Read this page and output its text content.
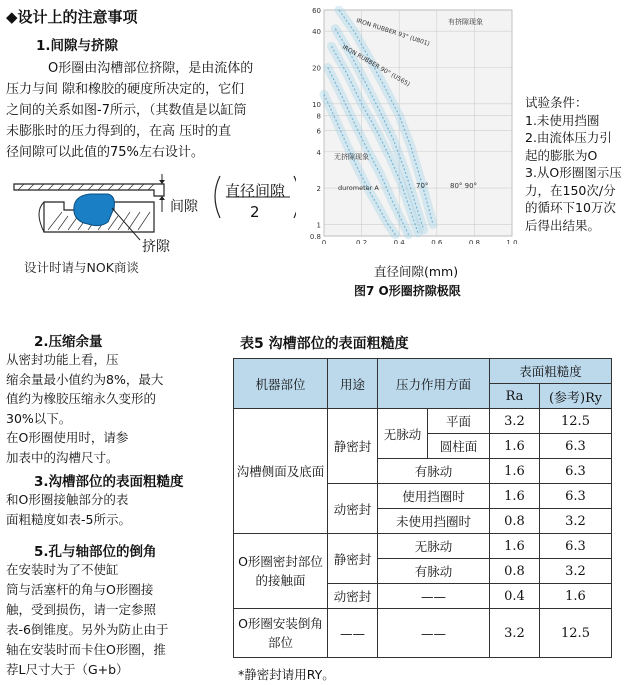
◆设计上的注意事项
1.间隙与挤隙
O形圈由沟槽部位挤隙，是由流体的
压力与间 隙和橡胶的硬度所决定的，它们
之间的关系如图-7所示，（其数值是以缸筒
未膨胀时的压力得到的，在高 压时的直
径间隙可以此值的75%左右设计。
间隙
直径间隙
2
挤隙
设计时请与NOK商谈
60
40
20
10
8
6
4
2
1
0.8
0	0.2	0.4	0.6	0.8	1.0
有挤隙现象
无挤隙现象
durometer A	70°	80° 90°
IRON RUBBER 93° (U801)
IRON RUBBER 90° (U565)
直径间隙(mm)
图7 O形圈挤隙极限
试验条件：
1.未使用挡圈
2.由流体压力引
起的膨胀为O
3.从O形圈图示压
力，在150次/分
的循环下10万次
后得出结果。
2.压缩余量
从密封功能上看，压
缩余量最小值约为8%，最大
值约为橡胶压缩永久变形的
30%以下。
在O形圈使用时，请参
加表中的沟槽尺寸。
3.沟槽部位的表面粗糙度
和O形圈接触部分的表
面粗糙度如表-5所示。
5.孔与轴部位的倒角
在安装时为了不使缸
筒与活塞杆的角与O形圈接
触，受到损伤，请一定参照
表-6倒锥度。另外为防止由于
轴在安装时而卡住O形圈，推
荐L尺寸大于（G+b）
表5 沟槽部位的表面粗糙度
机器部位	用途	压力作用方面		表面粗糙度	
				Ra	(参考)Ry
沟槽侧面及底面	静密封	无脉动	平面	3.2	12.5
			圆柱面	1.6	6.3
		有脉动		1.6	6.3
	动密封	使用挡圈时		1.6	6.3
		未使用挡圈时		0.8	3.2
O形圈密封部位的接触面	静密封	无脉动		1.6	6.3
		有脉动		0.8	3.2
	动密封	——		0.4	1.6
O形圈安装倒角部位	——	——		3.2	12.5
*静密封请用RY。
